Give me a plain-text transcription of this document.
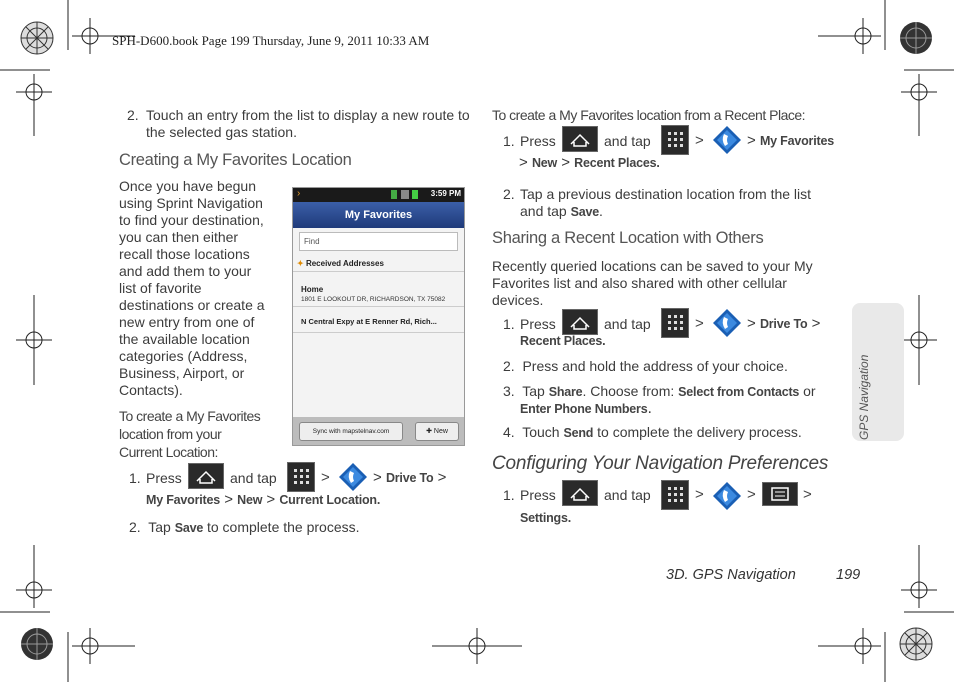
SPH-D600.book Page 199 Thursday, June 9, 2011 10:33 AM
2. Touch an entry from the list to display a new route to the selected gas station.
Creating a My Favorites Location
Once you have begun
using Sprint Navigation
to find your destination,
you can then either
recall those locations
and add them to your
list of favorite
destinations or create a
new entry from one of
the available location
categories (Address,
Business, Airport, or
Contacts).
To create a My Favorites
location from your
Current Location:
›	3:59 PM
My Favorites
Find
✦ Received Addresses
Home
1801 E LOOKOUT DR, RICHARDSON, TX 75082
N Central Expy at E Renner Rd, Rich...
Sync with mapstelnav.com	✚ New
1. Press	and tap	>	> Drive To >
My Favorites > New > Current Location.
2. Tap Save to complete the process.
To create a My Favorites location from a Recent Place:
1. Press	and tap	>	> My Favorites
> New > Recent Places.
2. Tap a previous destination location from the list
and tap Save.
Sharing a Recent Location with Others
Recently queried locations can be saved to your My
Favorites list and also shared with other cellular
devices.
1. Press	and tap	>	> Drive To >
Recent Places.
2. Press and hold the address of your choice.
3. Tap Share. Choose from: Select from Contacts or
Enter Phone Numbers.
4. Touch Send to complete the delivery process.
Configuring Your Navigation Preferences
1. Press	and tap	>	>	>
Settings.
GPS Navigation
3D. GPS Navigation	199
